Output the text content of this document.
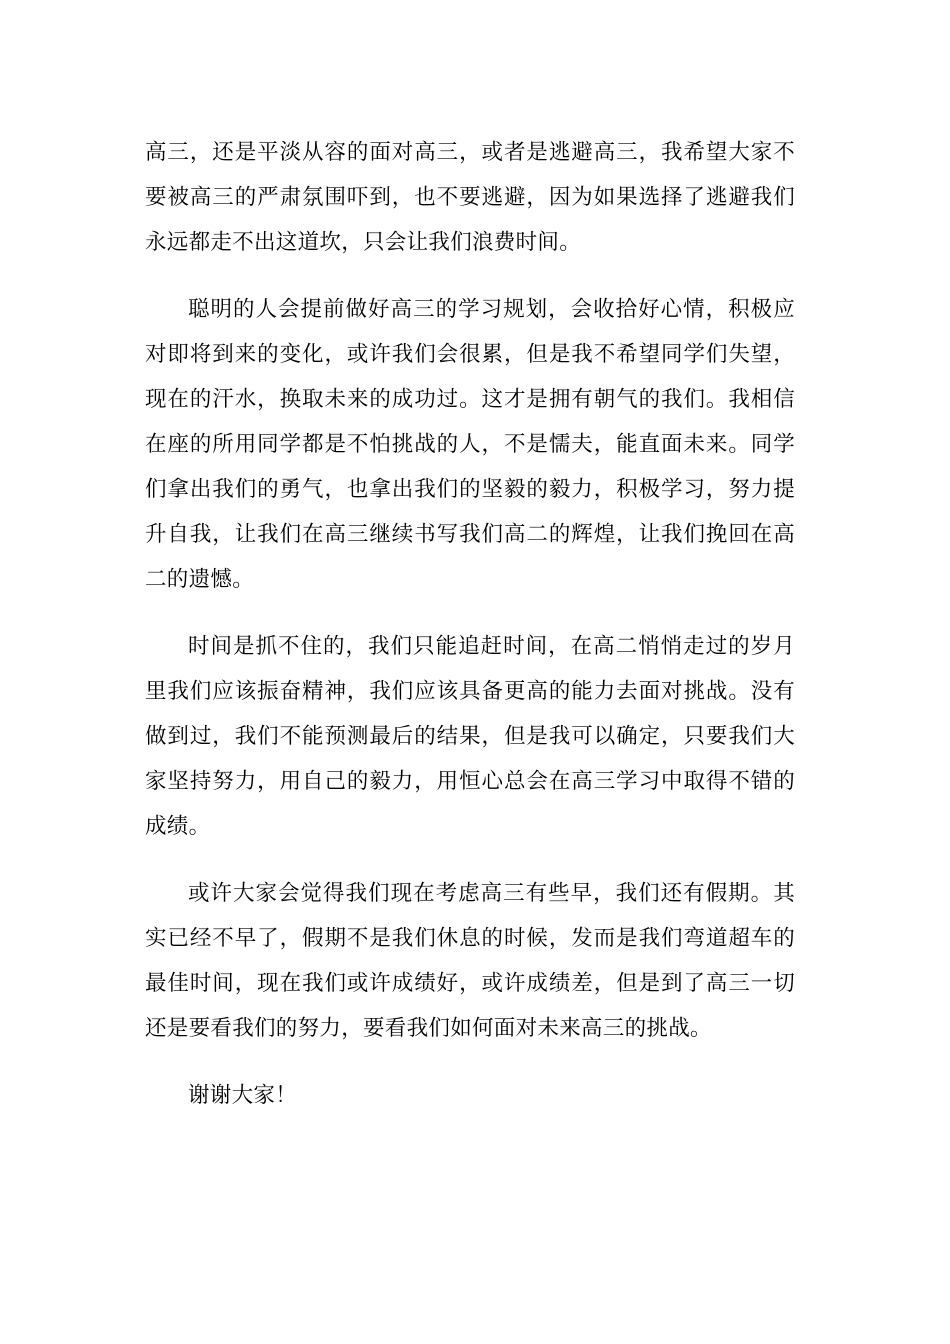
高三，还是平淡从容的面对高三，或者是逃避高三，我希望大家不要被高三的严肃氛围吓到，也不要逃避，因为如果选择了逃避我们永远都走不出这道坎，只会让我们浪费时间。

聪明的人会提前做好高三的学习规划，会收拾好心情，积极应对即将到来的变化，或许我们会很累，但是我不希望同学们失望，现在的汗水，换取未来的成功过。这才是拥有朝气的我们。我相信在座的所用同学都是不怕挑战的人，不是懦夫，能直面未来。同学们拿出我们的勇气，也拿出我们的坚毅的毅力，积极学习，努力提升自我，让我们在高三继续书写我们高二的辉煌，让我们挽回在高二的遗憾。

时间是抓不住的，我们只能追赶时间，在高二悄悄走过的岁月里我们应该振奋精神，我们应该具备更高的能力去面对挑战。没有做到过，我们不能预测最后的结果，但是我可以确定，只要我们大家坚持努力，用自己的毅力，用恒心总会在高三学习中取得不错的成绩。

或许大家会觉得我们现在考虑高三有些早，我们还有假期。其实已经不早了，假期不是我们休息的时候，发而是我们弯道超车的最佳时间，现在我们或许成绩好，或许成绩差，但是到了高三一切还是要看我们的努力，要看我们如何面对未来高三的挑战。

谢谢大家！
